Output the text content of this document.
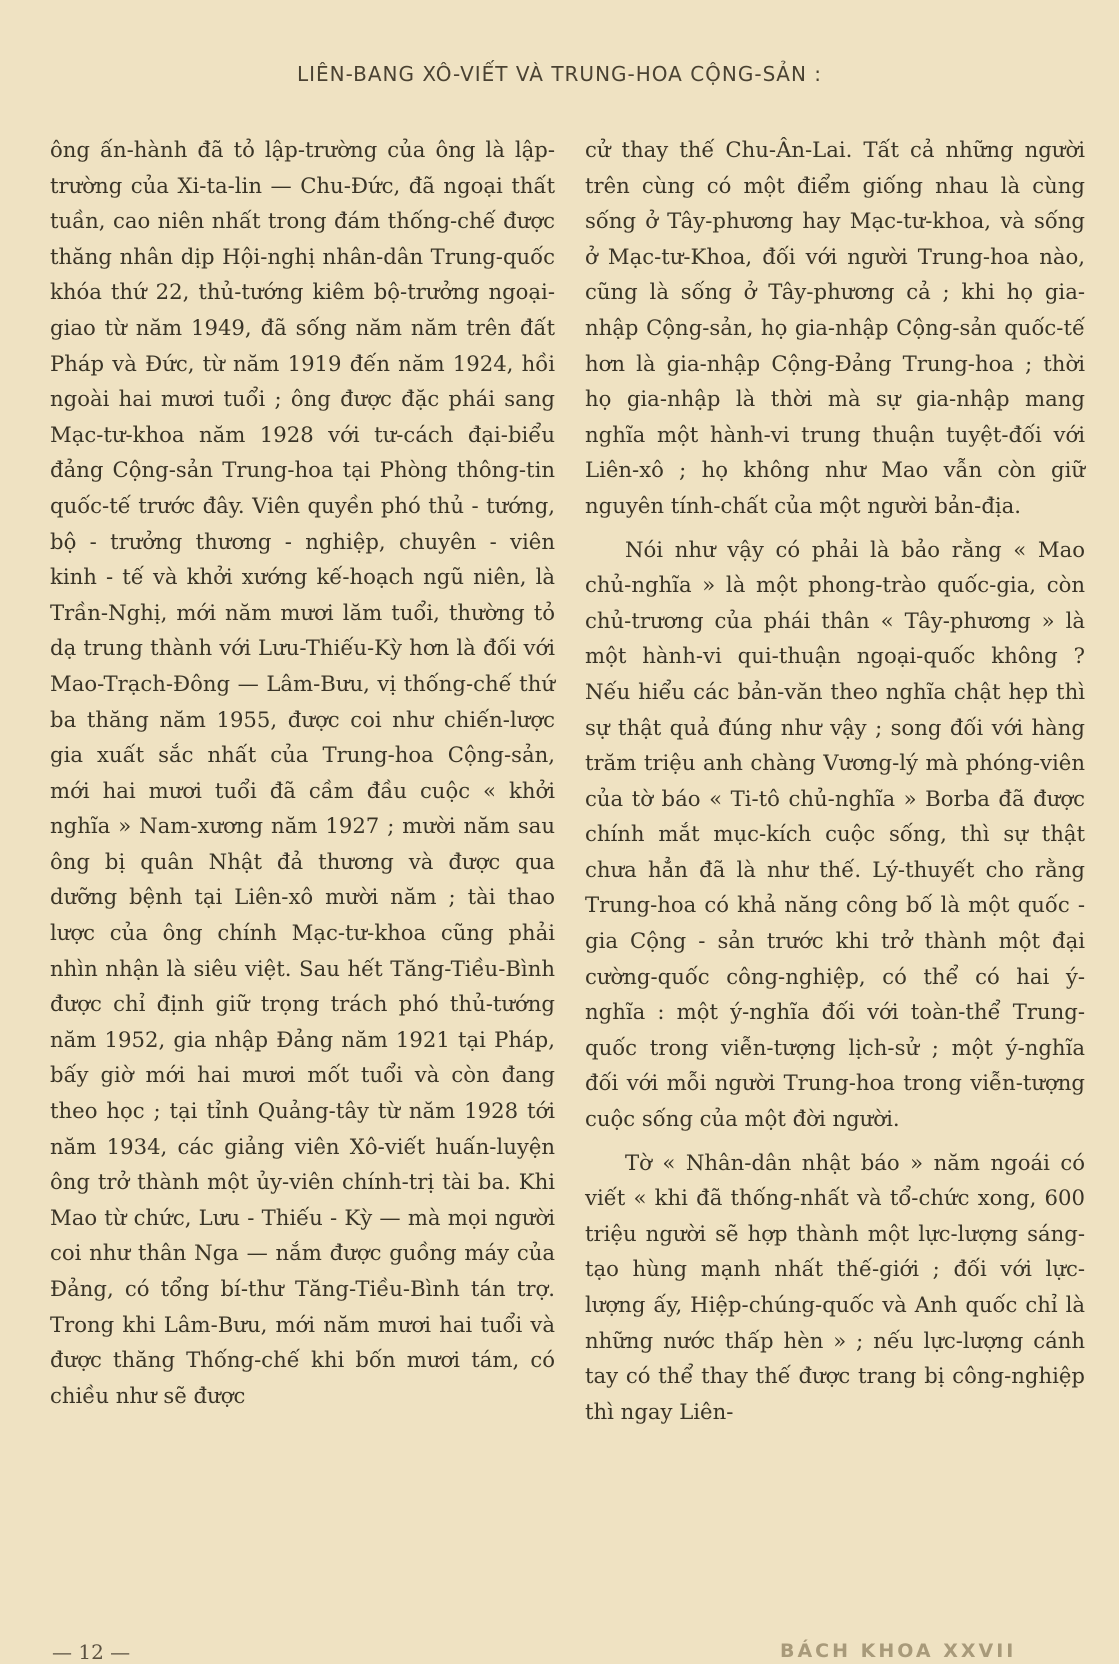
LIÊN-BANG XÔ-VIẾT VÀ TRUNG-HOA CỘNG-SẢN :

ông ấn-hành đã tỏ lập-trường của ông là lập-trường của Xi-ta-lin — Chu-Đức, đã ngoại thất tuần, cao niên nhất trong đám thống-chế được thăng nhân dịp Hội-nghị nhân-dân Trung-quốc khóa thứ 22, thủ-tướng kiêm bộ-trưởng ngoại-giao từ năm 1949, đã sống năm năm trên đất Pháp và Đức, từ năm 1919 đến năm 1924, hồi ngoài hai mươi tuổi ; ông được đặc phái sang Mạc-tư-khoa năm 1928 với tư-cách đại-biểu đảng Cộng-sản Trung-hoa tại Phòng thông-tin quốc-tế trước đây. Viên quyền phó thủ - tướng, bộ - trưởng thương - nghiệp, chuyên - viên kinh - tế và khởi xướng kế-hoạch ngũ niên, là Trần-Nghị, mới năm mươi lăm tuổi, thường tỏ dạ trung thành với Lưu-Thiếu-Kỳ hơn là đối với Mao-Trạch-Đông — Lâm-Bưu, vị thống-chế thứ ba thăng năm 1955, được coi như chiến-lược gia xuất sắc nhất của Trung-hoa Cộng-sản, mới hai mươi tuổi đã cầm đầu cuộc « khởi nghĩa » Nam-xương năm 1927 ; mười năm sau ông bị quân Nhật đả thương và được qua dưỡng bệnh tại Liên-xô mười năm ; tài thao lược của ông chính Mạc-tư-khoa cũng phải nhìn nhận là siêu việt. Sau hết Tăng-Tiều-Bình được chỉ định giữ trọng trách phó thủ-tướng năm 1952, gia nhập Đảng năm 1921 tại Pháp, bấy giờ mới hai mươi mốt tuổi và còn đang theo học ; tại tỉnh Quảng-tây từ năm 1928 tới năm 1934, các giảng viên Xô-viết huấn-luyện ông trở thành một ủy-viên chính-trị tài ba. Khi Mao từ chức, Lưu - Thiếu - Kỳ — mà mọi người coi như thân Nga — nắm được guồng máy của Đảng, có tổng bí-thư Tăng-Tiều-Bình tán trợ. Trong khi Lâm-Bưu, mới năm mươi hai tuổi và được thăng Thống-chế khi bốn mươi tám, có chiều như sẽ được

cử thay thế Chu-Ân-Lai. Tất cả những người trên cùng có một điểm giống nhau là cùng sống ở Tây-phương hay Mạc-tư-khoa, và sống ở Mạc-tư-Khoa, đối với người Trung-hoa nào, cũng là sống ở Tây-phương cả ; khi họ gia-nhập Cộng-sản, họ gia-nhập Cộng-sản quốc-tế hơn là gia-nhập Cộng-Đảng Trung-hoa ; thời họ gia-nhập là thời mà sự gia-nhập mang nghĩa một hành-vi trung thuận tuyệt-đối với Liên-xô ; họ không như Mao vẫn còn giữ nguyên tính-chất của một người bản-địa.

Nói như vậy có phải là bảo rằng « Mao chủ-nghĩa » là một phong-trào quốc-gia, còn chủ-trương của phái thân « Tây-phương » là một hành-vi qui-thuận ngoại-quốc không ? Nếu hiểu các bản-văn theo nghĩa chật hẹp thì sự thật quả đúng như vậy ; song đối với hàng trăm triệu anh chàng Vương-lý mà phóng-viên của tờ báo « Ti-tô chủ-nghĩa » Borba đã được chính mắt mục-kích cuộc sống, thì sự thật chưa hẳn đã là như thế. Lý-thuyết cho rằng Trung-hoa có khả năng công bố là một quốc - gia Cộng - sản trước khi trở thành một đại cường-quốc công-nghiệp, có thể có hai ý-nghĩa : một ý-nghĩa đối với toàn-thể Trung-quốc trong viễn-tượng lịch-sử ; một ý-nghĩa đối với mỗi người Trung-hoa trong viễn-tượng cuộc sống của một đời người.

Tờ « Nhân-dân nhật báo » năm ngoái có viết « khi đã thống-nhất và tổ-chức xong, 600 triệu người sẽ hợp thành một lực-lượng sáng-tạo hùng mạnh nhất thế-giới ; đối với lực-lượng ấy, Hiệp-chúng-quốc và Anh quốc chỉ là những nước thấp hèn » ; nếu lực-lượng cánh tay có thể thay thế được trang bị công-nghiệp thì ngay Liên-

— 12 —	BÁCH KHOA XXVII
